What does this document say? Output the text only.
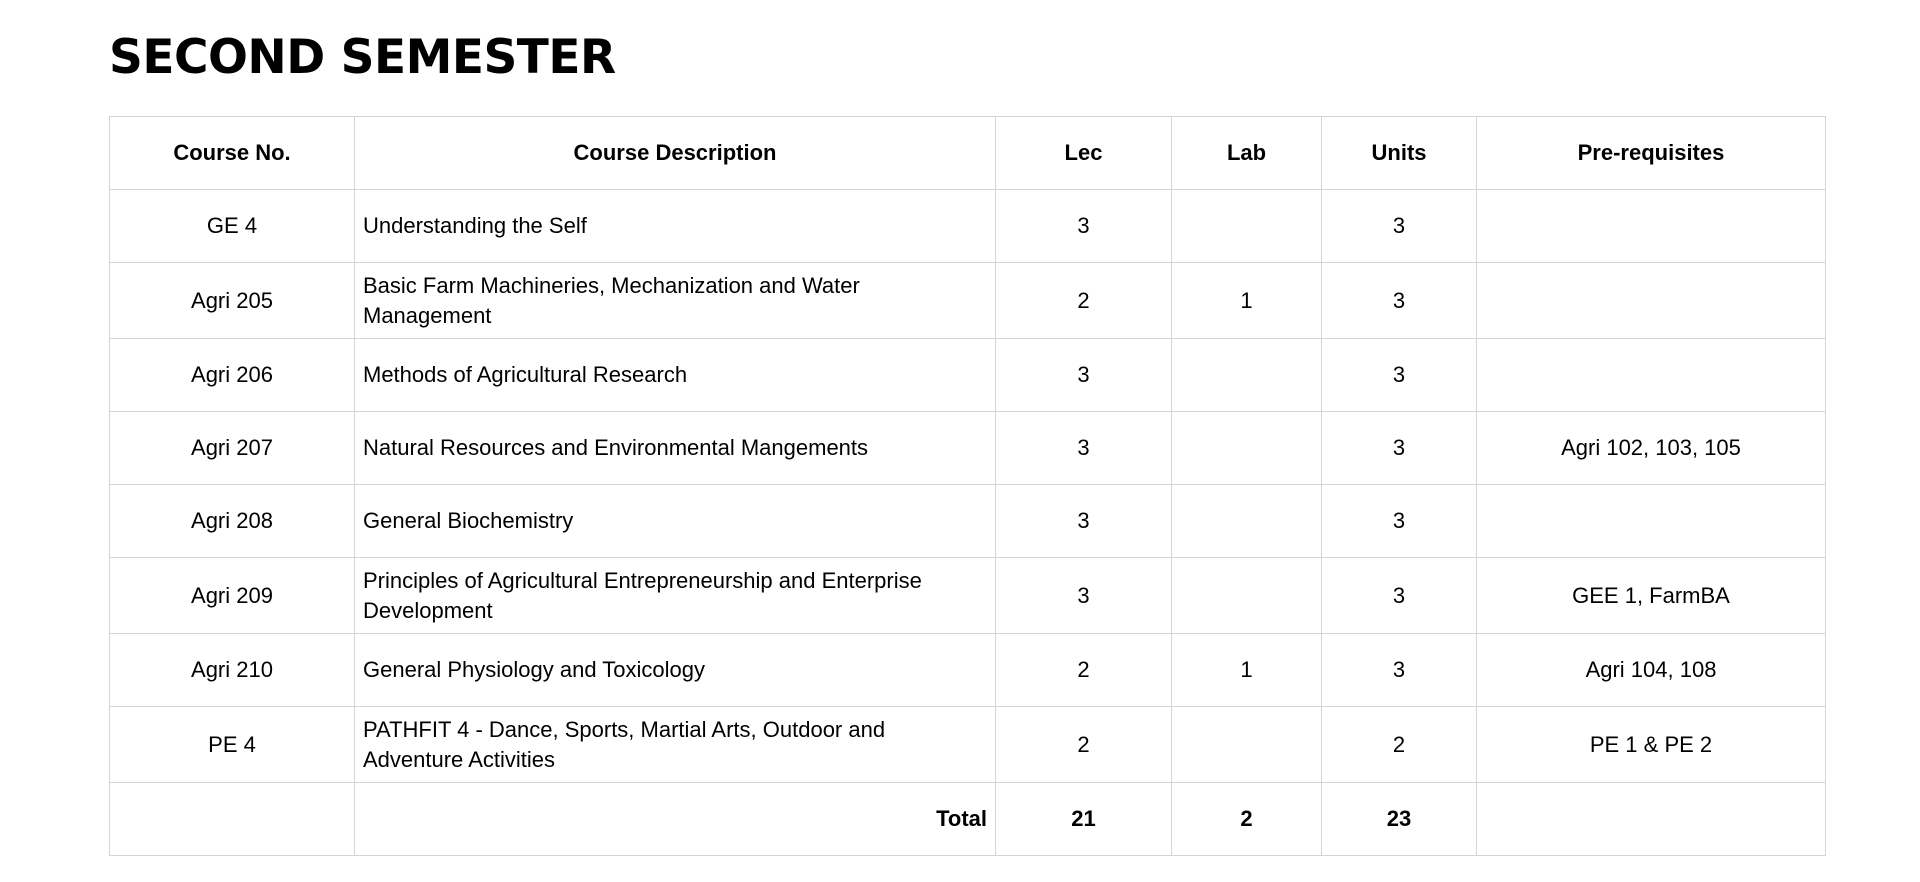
SECOND SEMESTER
Course No.	Course Description	Lec	Lab	Units	Pre-requisites
GE 4	Understanding the Self	3		3	
Agri 205	Basic Farm Machineries, Mechanization and Water Management	2	1	3	
Agri 206	Methods of Agricultural Research	3		3	
Agri 207	Natural Resources and Environmental Mangements	3		3	Agri 102, 103, 105
Agri 208	General Biochemistry	3		3	
Agri 209	Principles of Agricultural Entrepreneurship and Enterprise Development	3		3	GEE 1, FarmBA
Agri 210	General Physiology and Toxicology	2	1	3	Agri 104, 108
PE 4	PATHFIT 4 - Dance, Sports, Martial Arts, Outdoor and Adventure Activities	2		2	PE 1 & PE 2
	Total	21	2	23	
